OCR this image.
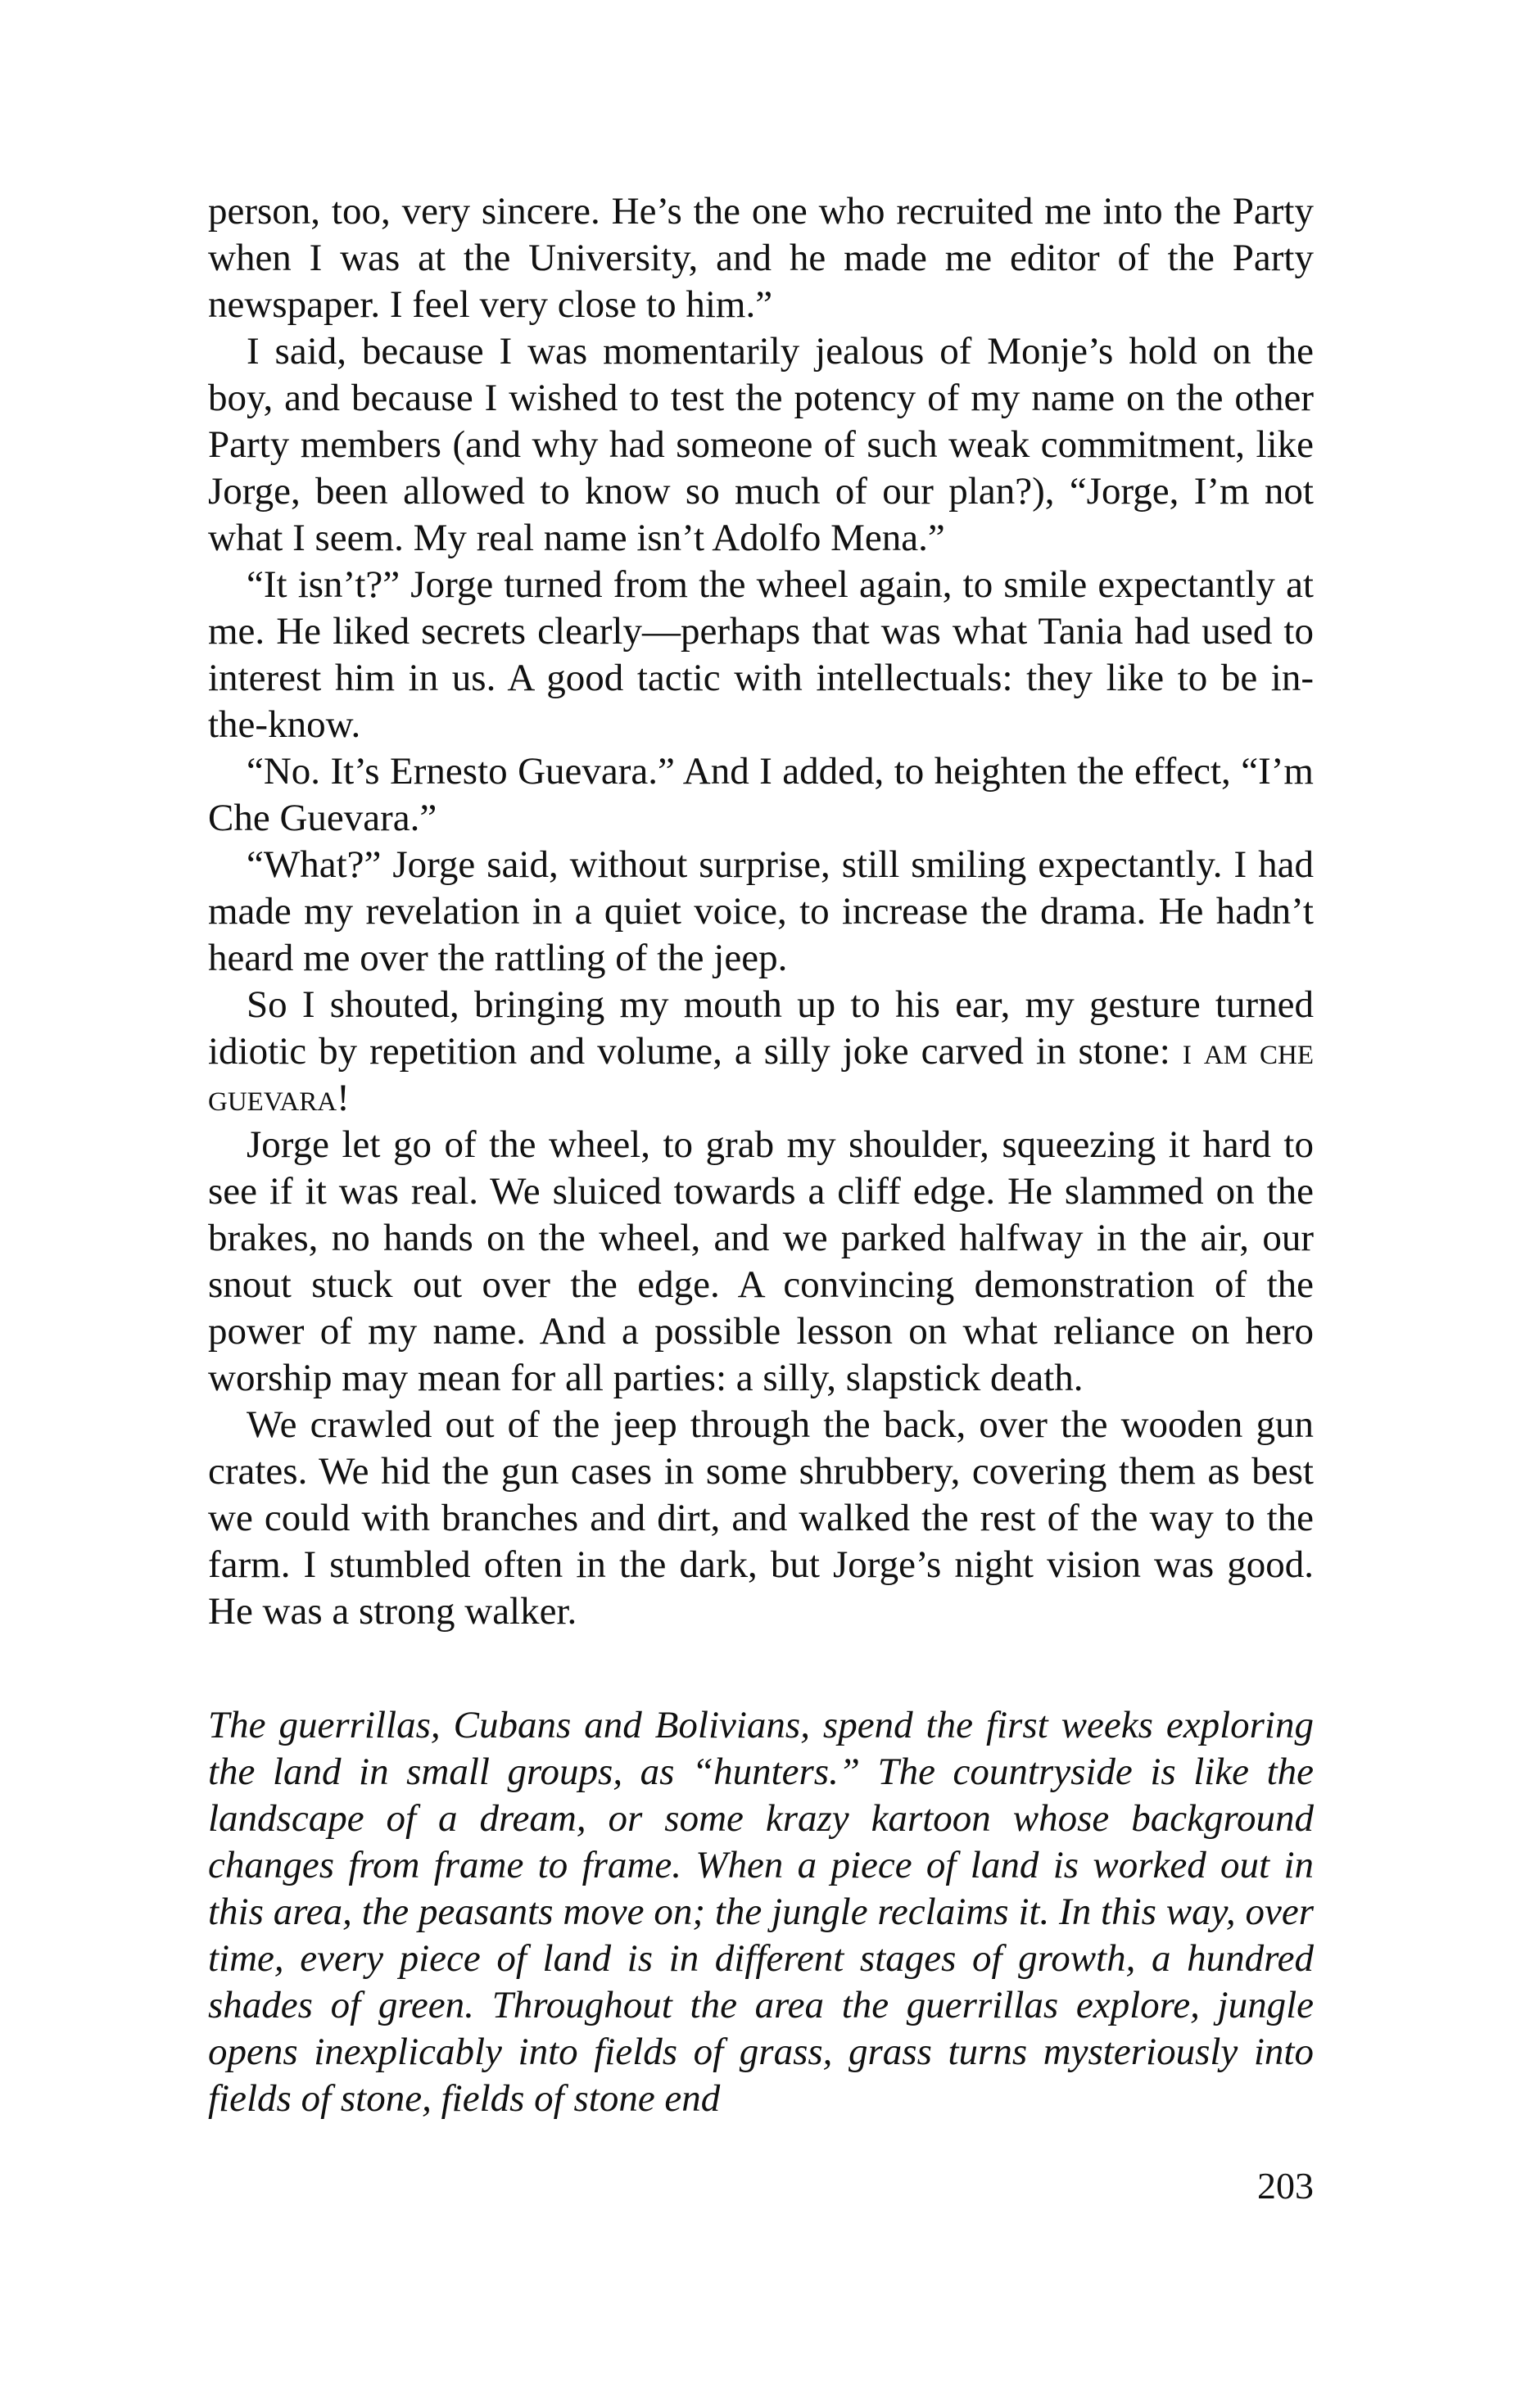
person, too, very sincere. He’s the one who recruited me into the Party when I was at the University, and he made me editor of the Party newspaper. I feel very close to him.”

I said, because I was momentarily jealous of Monje’s hold on the boy, and because I wished to test the potency of my name on the other Party members (and why had someone of such weak commitment, like Jorge, been allowed to know so much of our plan?), “Jorge, I’m not what I seem. My real name isn’t Adolfo Mena.”

“It isn’t?” Jorge turned from the wheel again, to smile expectantly at me. He liked secrets clearly—perhaps that was what Tania had used to interest him in us. A good tactic with intellectuals: they like to be in-the-know.

“No. It’s Ernesto Guevara.” And I added, to heighten the effect, “I’m Che Guevara.”

“What?” Jorge said, without surprise, still smiling expectantly. I had made my revelation in a quiet voice, to increase the drama. He hadn’t heard me over the rattling of the jeep.

So I shouted, bringing my mouth up to his ear, my gesture turned idiotic by repetition and volume, a silly joke carved in stone: i am che guevara!

Jorge let go of the wheel, to grab my shoulder, squeezing it hard to see if it was real. We sluiced towards a cliff edge. He slammed on the brakes, no hands on the wheel, and we parked halfway in the air, our snout stuck out over the edge. A convincing demonstration of the power of my name. And a possible lesson on what reliance on hero worship may mean for all parties: a silly, slapstick death.

We crawled out of the jeep through the back, over the wooden gun crates. We hid the gun cases in some shrubbery, covering them as best we could with branches and dirt, and walked the rest of the way to the farm. I stumbled often in the dark, but Jorge’s night vision was good. He was a strong walker.

The guerrillas, Cubans and Bolivians, spend the first weeks exploring the land in small groups, as “hunters.” The countryside is like the landscape of a dream, or some krazy kartoon whose background changes from frame to frame. When a piece of land is worked out in this area, the peasants move on; the jungle reclaims it. In this way, over time, every piece of land is in different stages of growth, a hundred shades of green. Throughout the area the guerrillas explore, jungle opens inexplicably into fields of grass, grass turns mysteriously into fields of stone, fields of stone end

203
